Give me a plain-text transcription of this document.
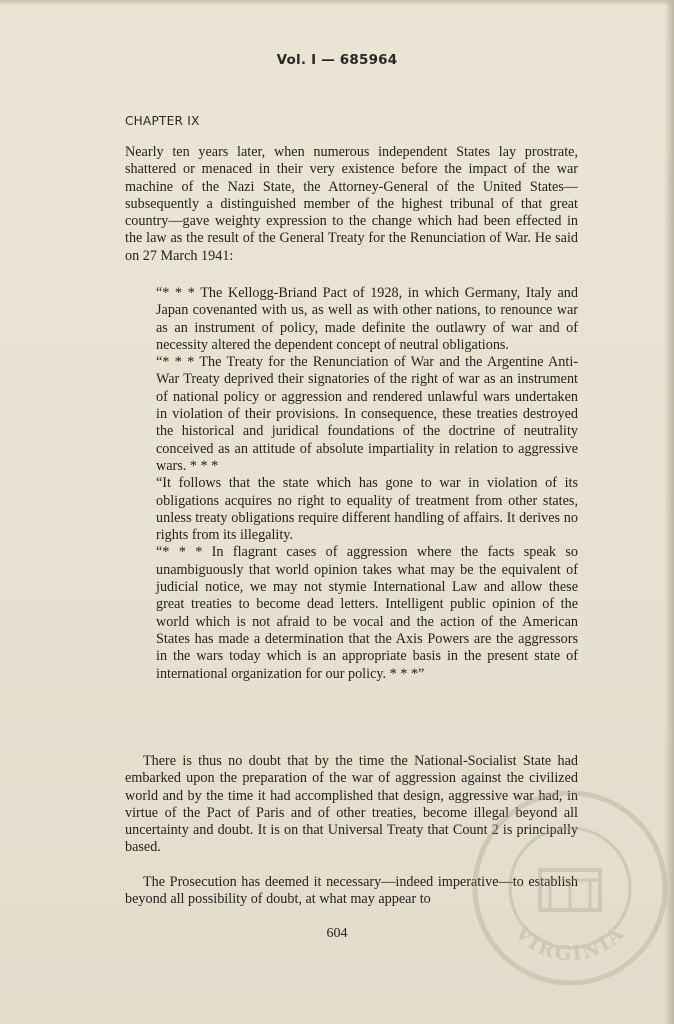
Vol. I — 685964
CHAPTER IX

Nearly ten years later, when numerous independent States lay prostrate, shattered or menaced in their very existence before the impact of the war machine of the Nazi State, the Attorney-General of the United States—subsequently a distinguished member of the highest tribunal of that great country—gave weighty expression to the change which had been effected in the law as the result of the General Treaty for the Renunciation of War. He said on 27 March 1941:

“* * * The Kellogg-Briand Pact of 1928, in which Germany, Italy and Japan covenanted with us, as well as with other nations, to renounce war as an instrument of policy, made definite the outlawry of war and of necessity altered the dependent concept of neutral obligations.

“* * * The Treaty for the Renunciation of War and the Argentine Anti-War Treaty deprived their signatories of the right of war as an instrument of national policy or aggression and rendered unlawful wars undertaken in violation of their provisions. In consequence, these treaties destroyed the historical and juridical foundations of the doctrine of neutrality conceived as an attitude of absolute impartiality in relation to aggressive wars. * * *

“It follows that the state which has gone to war in violation of its obligations acquires no right to equality of treatment from other states, unless treaty obligations require different handling of affairs. It derives no rights from its illegality.

“* * * In flagrant cases of aggression where the facts speak so unambiguously that world opinion takes what may be the equivalent of judicial notice, we may not stymie International Law and allow these great treaties to become dead letters. Intelligent public opinion of the world which is not afraid to be vocal and the action of the American States has made a determination that the Axis Powers are the aggressors in the wars today which is an appropriate basis in the present state of international organization for our policy. * * *”

There is thus no doubt that by the time the National-Socialist State had embarked upon the preparation of the war of aggression against the civilized world and by the time it had accomplished that design, aggressive war had, in virtue of the Pact of Paris and of other treaties, become illegal beyond all uncertainty and doubt. It is on that Universal Treaty that Count 2 is principally based.

The Prosecution has deemed it necessary—indeed imperative—to establish beyond all possibility of doubt, at what may appear to

604	VIRGINIA
